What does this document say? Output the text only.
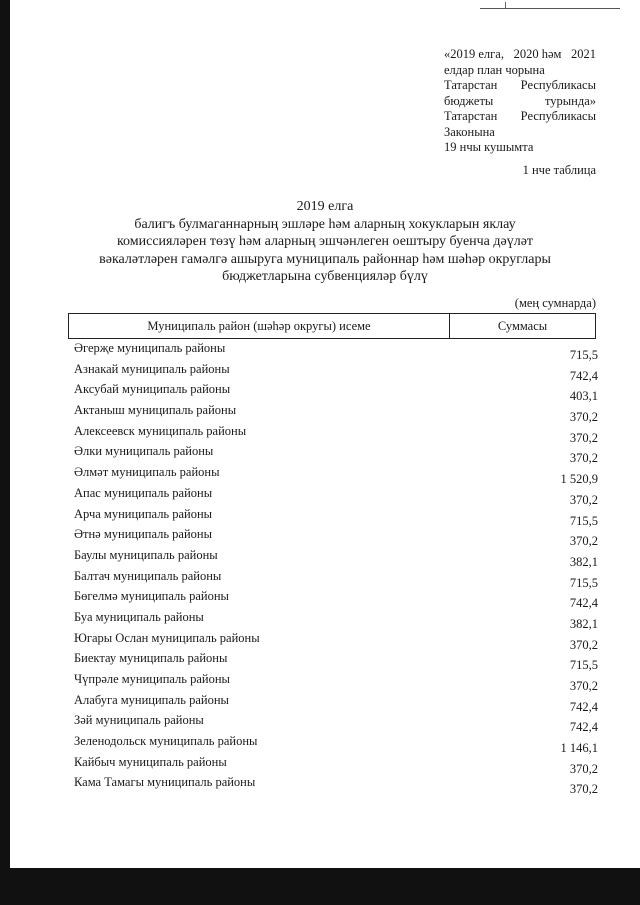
«2019 елга, 2020 һәм 2021
елдар план чорына
Татарстан Республикасы
бюджеты	турында»
Татарстан Республикасы
Законына
19 нчы кушымта
1 нче таблица
2019 елга
балигъ булмаганнарның эшләре һәм аларның хокукларын яклау
комиссияләрен төзү һәм аларның эшчәнлеген оештыру буенча дәүләт
вәкаләтләрен гамәлгә ашыруга муниципаль районнар һәм шәһәр округлары
бюджетларына субвенцияләр бүлү
(мең сумнарда)
Муниципаль район (шәһәр округы) исеме	Суммасы
Әгерҗе муниципаль районы	715,5
Азнакай муниципаль районы	742,4
Аксубай муниципаль районы	403,1
Актаныш муниципаль районы	370,2
Алексеевск муниципаль районы	370,2
Әлки муниципаль районы	370,2
Әлмәт муниципаль районы	1 520,9
Апас муниципаль районы	370,2
Арча муниципаль районы	715,5
Әтнә муниципаль районы	370,2
Баулы муниципаль районы	382,1
Балтач муниципаль районы	715,5
Бөгелмә муниципаль районы	742,4
Буа муниципаль районы	382,1
Югары Ослан муниципаль районы	370,2
Биектау муниципаль районы	715,5
Чүпрәле муниципаль районы	370,2
Алабуга муниципаль районы	742,4
Зәй муниципаль районы	742,4
Зеленодольск муниципаль районы	1 146,1
Кайбыч муниципаль районы	370,2
Кама Тамагы муниципаль районы	370,2
